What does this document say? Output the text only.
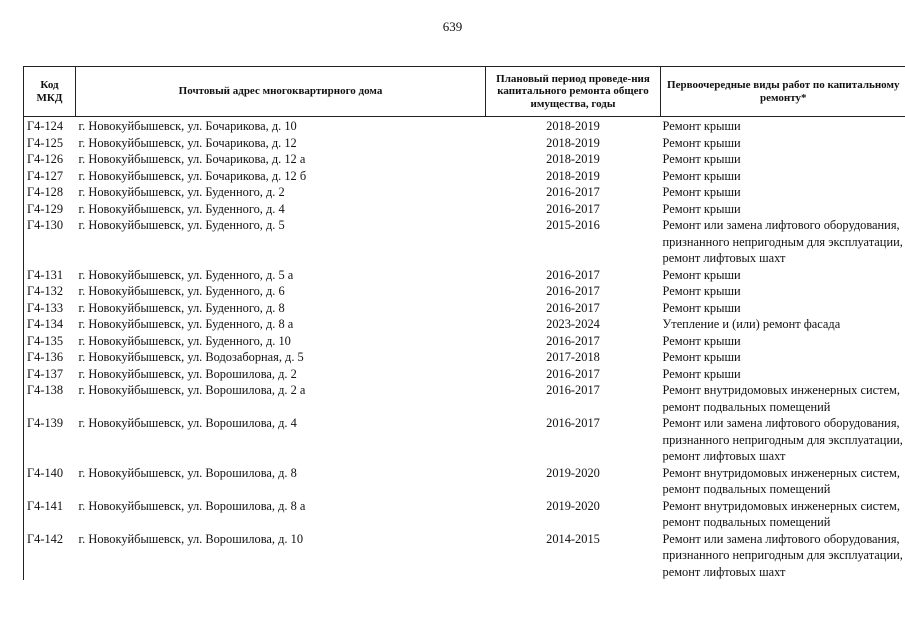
639
Код МКД	Почтовый адрес многоквартирного дома	Плановый период проведе-ния капитального ремонта общего имущества, годы	Первоочередные виды работ по капитальному ремонту*
Г4-124	г. Новокуйбышевск, ул. Бочарикова, д. 10	2018-2019	Ремонт крыши

Г4-125	г. Новокуйбышевск, ул. Бочарикова, д. 12	2018-2019	Ремонт крыши

Г4-126	г. Новокуйбышевск, ул. Бочарикова, д. 12 а	2018-2019	Ремонт крыши

Г4-127	г. Новокуйбышевск, ул. Бочарикова, д. 12 б	2018-2019	Ремонт крыши

Г4-128	г. Новокуйбышевск, ул. Буденного, д. 2	2016-2017	Ремонт крыши

Г4-129	г. Новокуйбышевск, ул. Буденного, д. 4	2016-2017	Ремонт крыши

Г4-130	г. Новокуйбышевск, ул. Буденного, д. 5	2015-2016	Ремонт или замена лифтового оборудования,
признанного непригодным для эксплуатации,
ремонт лифтовых шахт

Г4-131	г. Новокуйбышевск, ул. Буденного, д. 5 а	2016-2017	Ремонт крыши

Г4-132	г. Новокуйбышевск, ул. Буденного, д. 6	2016-2017	Ремонт крыши

Г4-133	г. Новокуйбышевск, ул. Буденного, д. 8	2016-2017	Ремонт крыши

Г4-134	г. Новокуйбышевск, ул. Буденного, д. 8 а	2023-2024	Утепление и (или) ремонт фасада

Г4-135	г. Новокуйбышевск, ул. Буденного, д. 10	2016-2017	Ремонт крыши

Г4-136	г. Новокуйбышевск, ул. Водозаборная, д. 5	2017-2018	Ремонт крыши

Г4-137	г. Новокуйбышевск, ул. Ворошилова, д. 2	2016-2017	Ремонт крыши

Г4-138	г. Новокуйбышевск, ул. Ворошилова, д. 2 а	2016-2017	Ремонт внутридомовых инженерных систем,
ремонт подвальных помещений

Г4-139	г. Новокуйбышевск, ул. Ворошилова, д. 4	2016-2017	Ремонт или замена лифтового оборудования,
признанного непригодным для эксплуатации,
ремонт лифтовых шахт

Г4-140	г. Новокуйбышевск, ул. Ворошилова, д. 8	2019-2020	Ремонт внутридомовых инженерных систем,
ремонт подвальных помещений

Г4-141	г. Новокуйбышевск, ул. Ворошилова, д. 8 а	2019-2020	Ремонт внутридомовых инженерных систем,
ремонт подвальных помещений

Г4-142	г. Новокуйбышевск, ул. Ворошилова, д. 10	2014-2015	Ремонт или замена лифтового оборудования,
признанного непригодным для эксплуатации,
ремонт лифтовых шахт
